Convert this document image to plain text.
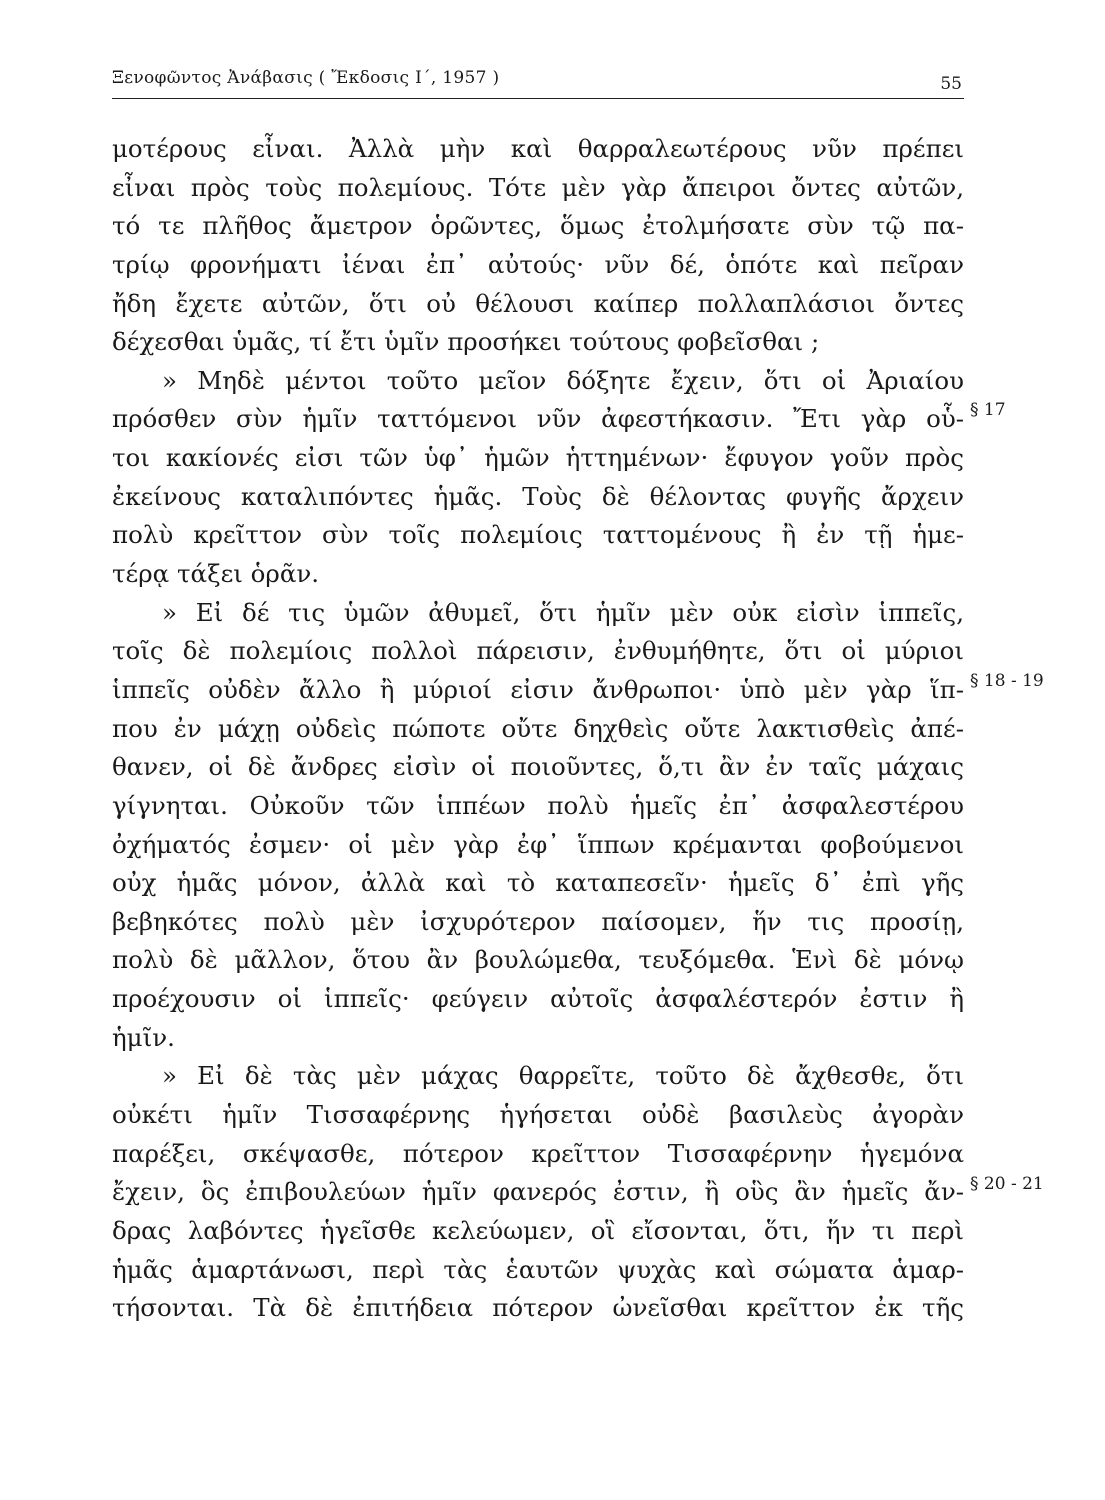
Ξενοφῶντος Ἀνάβασις ( Ἔκδοσις Ι΄, 1957 )	55
μοτέρους εἶναι. Ἀλλὰ μὴν καὶ θαρραλεωτέρους νῦν πρέπει
εἶναι πρὸς τοὺς πολεμίους. Τότε μὲν γὰρ ἄπειροι ὄντες αὐτῶν,
τό τε πλῆθος ἄμετρον ὁρῶντες, ὅμως ἐτολμήσατε σὺν τῷ πα-
τρίῳ φρονήματι ἰέναι ἐπ᾽ αὐτούς· νῦν δέ, ὁπότε καὶ πεῖραν
ἤδη ἔχετε αὐτῶν, ὅτι οὐ θέλουσι καίπερ πολλαπλάσιοι ὄντες
δέχεσθαι ὑμᾶς, τί ἔτι ὑμῖν προσήκει τούτους φοβεῖσθαι ;
» Μηδὲ μέντοι τοῦτο μεῖον δόξητε ἔχειν, ὅτι οἱ Ἀριαίου
πρόσθεν σὺν ἡμῖν ταττόμενοι νῦν ἀφεστήκασιν. Ἔτι γὰρ οὗ-
τοι κακίονές εἰσι τῶν ὑφ᾽ ἡμῶν ἡττημένων· ἔφυγον γοῦν πρὸς
ἐκείνους καταλιπόντες ἡμᾶς. Τοὺς δὲ θέλοντας φυγῆς ἄρχειν
πολὺ κρεῖττον σὺν τοῖς πολεμίοις ταττομένους ἢ ἐν τῇ ἡμε-
τέρᾳ τάξει ὁρᾶν.
» Εἰ δέ τις ὑμῶν ἀθυμεῖ, ὅτι ἡμῖν μὲν οὐκ εἰσὶν ἱππεῖς,
τοῖς δὲ πολεμίοις πολλοὶ πάρεισιν, ἐνθυμήθητε, ὅτι οἱ μύριοι
ἱππεῖς οὐδὲν ἄλλο ἢ μύριοί εἰσιν ἄνθρωποι· ὑπὸ μὲν γὰρ ἵπ-
που ἐν μάχῃ οὐδεὶς πώποτε οὔτε δηχθεὶς οὔτε λακτισθεὶς ἀπέ-
θανεν, οἱ δὲ ἄνδρες εἰσὶν οἱ ποιοῦντες, ὅ,τι ἂν ἐν ταῖς μάχαις
γίγνηται. Οὐκοῦν τῶν ἱππέων πολὺ ἡμεῖς ἐπ᾽ ἀσφαλεστέρου
ὀχήματός ἐσμεν· οἱ μὲν γὰρ ἐφ᾽ ἵππων κρέμανται φοβούμενοι
οὐχ ἡμᾶς μόνον, ἀλλὰ καὶ τὸ καταπεσεῖν· ἡμεῖς δ᾽ ἐπὶ γῆς
βεβηκότες πολὺ μὲν ἰσχυρότερον παίσομεν, ἥν τις προσίῃ,
πολὺ δὲ μᾶλλον, ὅτου ἂν βουλώμεθα, τευξόμεθα. Ἑνὶ δὲ μόνῳ
προέχουσιν οἱ ἱππεῖς· φεύγειν αὐτοῖς ἀσφαλέστερόν ἐστιν ἢ
ἡμῖν.
» Εἰ δὲ τὰς μὲν μάχας θαρρεῖτε, τοῦτο δὲ ἄχθεσθε, ὅτι
οὐκέτι ἡμῖν Τισσαφέρνης ἡγήσεται οὐδὲ βασιλεὺς ἀγορὰν
παρέξει, σκέψασθε, πότερον κρεῖττον Τισσαφέρνην ἡγεμόνα
ἔχειν, ὃς ἐπιβουλεύων ἡμῖν φανερός ἐστιν, ἢ οὓς ἂν ἡμεῖς ἄν-
δρας λαβόντες ἡγεῖσθε κελεύωμεν, οἳ εἴσονται, ὅτι, ἥν τι περὶ
ἡμᾶς ἁμαρτάνωσι, περὶ τὰς ἑαυτῶν ψυχὰς καὶ σώματα ἁμαρ-
τήσονται. Τὰ δὲ ἐπιτήδεια πότερον ὠνεῖσθαι κρεῖττον ἐκ τῆς
§ 17
§ 18 - 19
§ 20 - 21
